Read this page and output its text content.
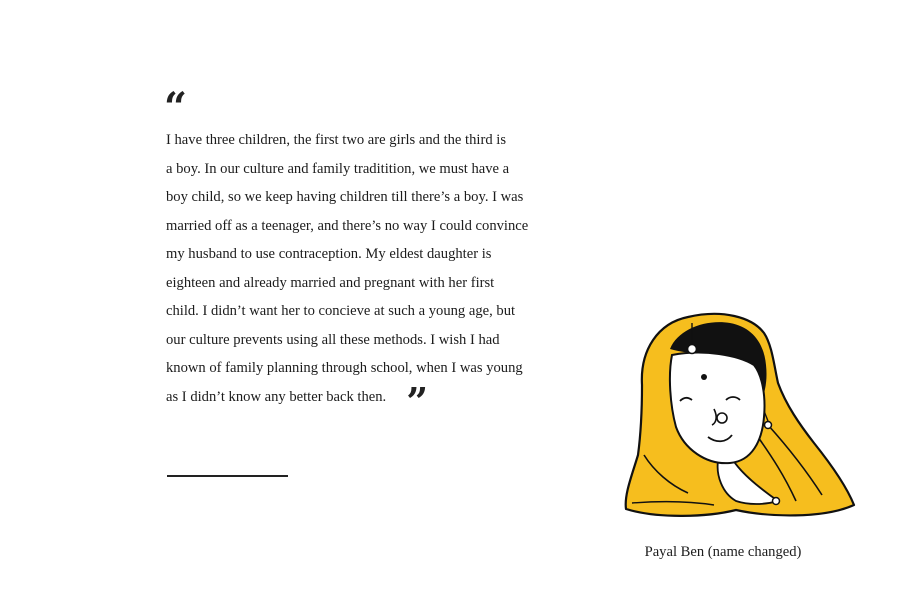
“
I have three children, the first two are girls and the third is
a boy. In our culture and family traditition, we must have a
boy child, so we keep having children till there’s a boy. I was
married off as a teenager, and there’s no way I could convince
my husband to use contraception. My eldest daughter is
eighteen and already married and pregnant with her first
child. I didn’t want her to concieve at such a young age, but
our culture prevents using all these methods. I wish I had
known of family planning through school, when I was young
as I didn’t know any better back then. ”
Payal Ben (name changed)
